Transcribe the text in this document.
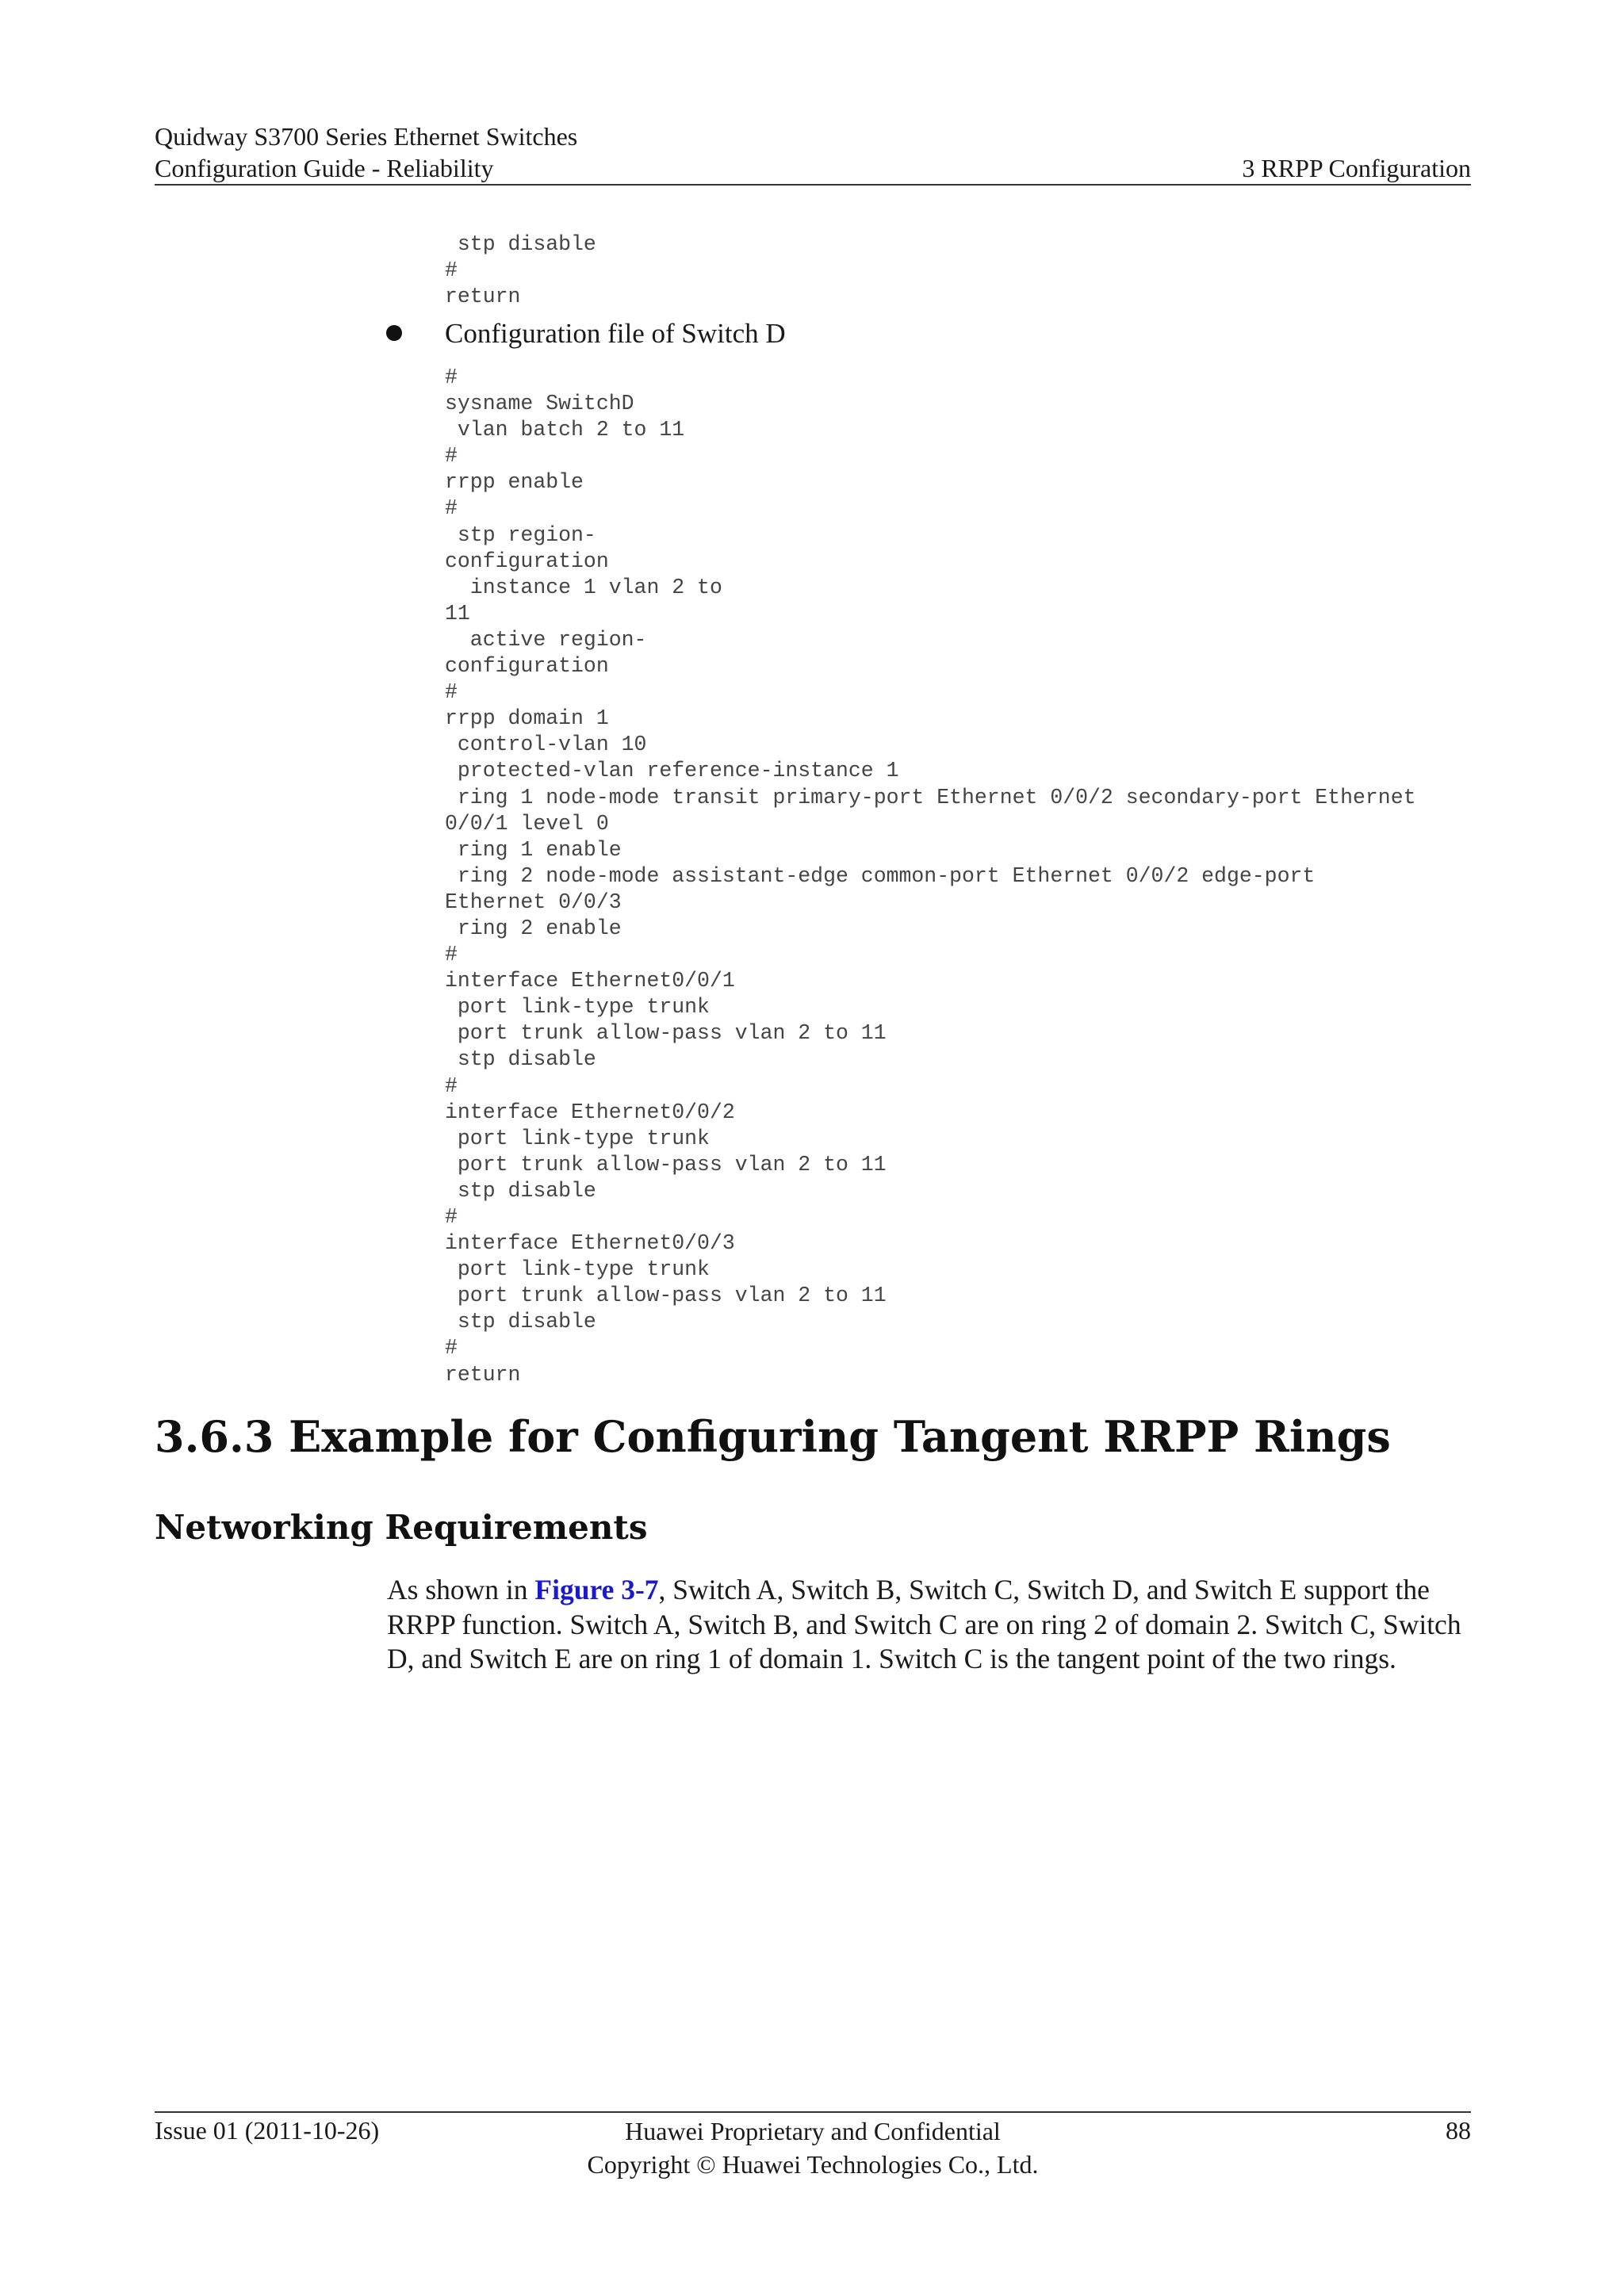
Quidway S3700 Series Ethernet Switches
Configuration Guide - Reliability	3 RRPP Configuration
stp disable
#
return
Configuration file of Switch D
#
sysname SwitchD
vlan batch 2 to 11
#
rrpp enable
#
stp region-
configuration
instance 1 vlan 2 to
11
active region-
configuration
#
rrpp domain 1
control-vlan 10
protected-vlan reference-instance 1
ring 1 node-mode transit primary-port Ethernet 0/0/2 secondary-port Ethernet
0/0/1 level 0
ring 1 enable
ring 2 node-mode assistant-edge common-port Ethernet 0/0/2 edge-port
Ethernet 0/0/3
ring 2 enable
#
interface Ethernet0/0/1
port link-type trunk
port trunk allow-pass vlan 2 to 11
stp disable
#
interface Ethernet0/0/2
port link-type trunk
port trunk allow-pass vlan 2 to 11
stp disable
#
interface Ethernet0/0/3
port link-type trunk
port trunk allow-pass vlan 2 to 11
stp disable
#
return
3.6.3 Example for Configuring Tangent RRPP Rings
Networking Requirements
As shown in Figure 3-7, Switch A, Switch B, Switch C, Switch D, and Switch E support the RRPP function. Switch A, Switch B, and Switch C are on ring 2 of domain 2. Switch C, Switch D, and Switch E are on ring 1 of domain 1. Switch C is the tangent point of the two rings.
Issue 01 (2011-10-26)	Huawei Proprietary and Confidential
Copyright © Huawei Technologies Co., Ltd.
88
